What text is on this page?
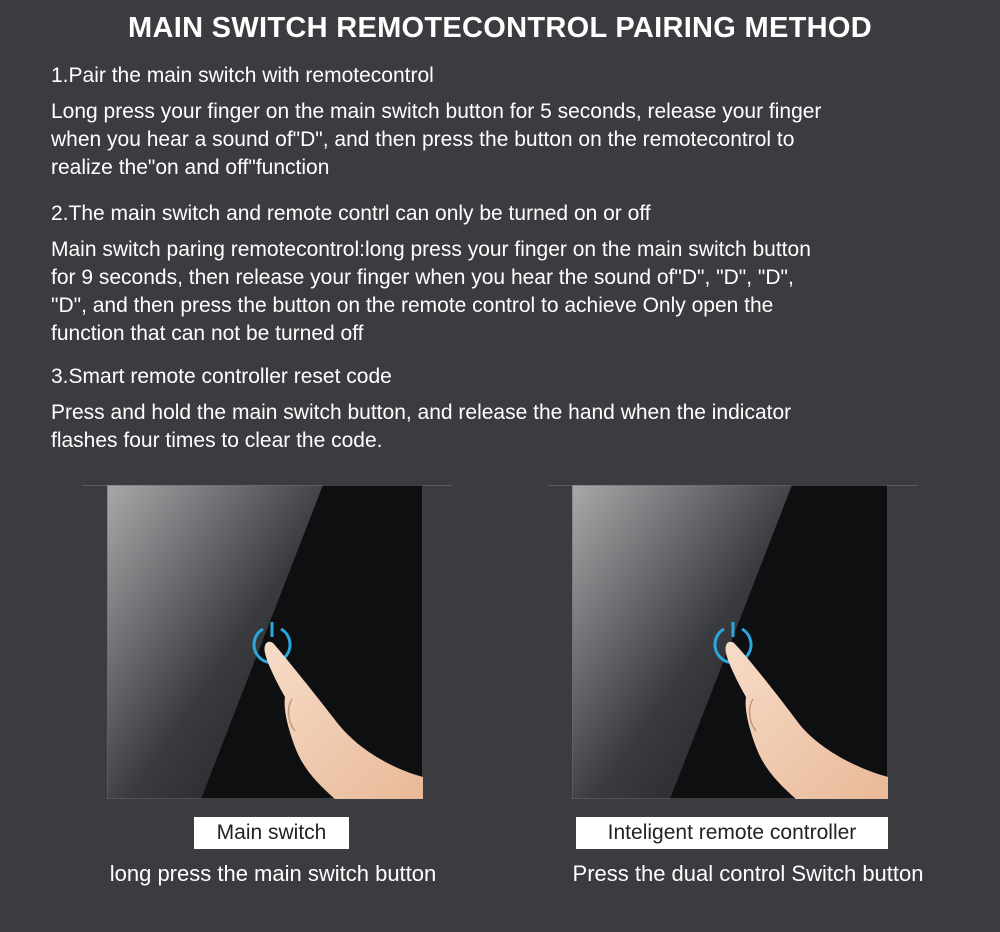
MAIN SWITCH REMOTECONTROL PAIRING METHOD
1.Pair the main switch with remotecontrol
Long press your finger on the main switch button for 5 seconds, release your finger
when you hear a sound of"D", and then press the button on the remotecontrol to
realize the"on and off"function
2.The main switch and remote contrl can only be turned on or off
Main switch paring remotecontrol:long press your finger on the main switch button
for 9 seconds, then release your finger when you hear the sound of"D", "D", "D",
"D", and then press the button on the remote control to achieve Only open the
function that can not be turned off
3.Smart remote controller reset code
Press and hold the main switch button, and release the hand when the indicator
flashes four times to clear the code.
Main switch	Inteligent remote controller
long press the main switch button	Press the dual control Switch button
